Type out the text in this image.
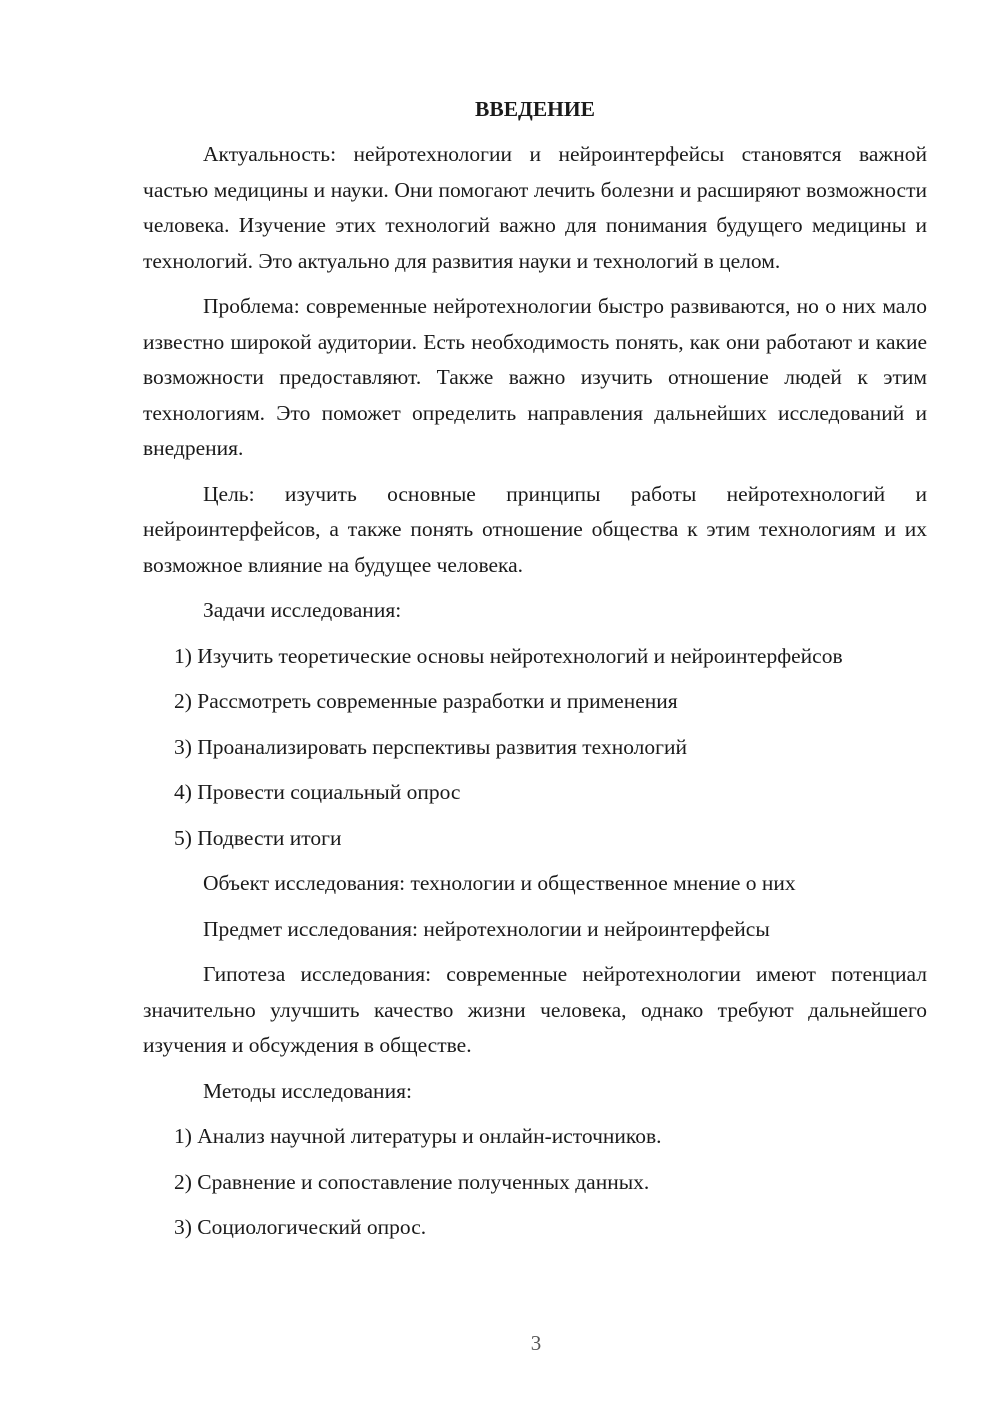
ВВЕДЕНИЕ

Актуальность: нейротехнологии и нейроинтерфейсы становятся важной частью медицины и науки. Они помогают лечить болезни и расширяют возможности человека. Изучение этих технологий важно для понимания будущего медицины и технологий. Это актуально для развития науки и технологий в целом.

Проблема: современные нейротехнологии быстро развиваются, но о них мало известно широкой аудитории. Есть необходимость понять, как они работают и какие возможности предоставляют. Также важно изучить отношение людей к этим технологиям. Это поможет определить направления дальнейших исследований и внедрения.

Цель: изучить основные принципы работы нейротехнологий и нейроинтерфейсов, а также понять отношение общества к этим технологиям и их возможное влияние на будущее человека.

Задачи исследования:

1) Изучить теоретические основы нейротехнологий и нейроинтерфейсов

2) Рассмотреть современные разработки и применения

3) Проанализировать перспективы развития технологий

4) Провести социальный опрос

5) Подвести итоги

Объект исследования: технологии и общественное мнение о них

Предмет исследования: нейротехнологии и нейроинтерфейсы

Гипотеза исследования: современные нейротехнологии имеют потенциал значительно улучшить качество жизни человека, однако требуют дальнейшего изучения и обсуждения в обществе.

Методы исследования:

1) Анализ научной литературы и онлайн-источников.

2) Сравнение и сопоставление полученных данных.

3) Социологический опрос.

3
